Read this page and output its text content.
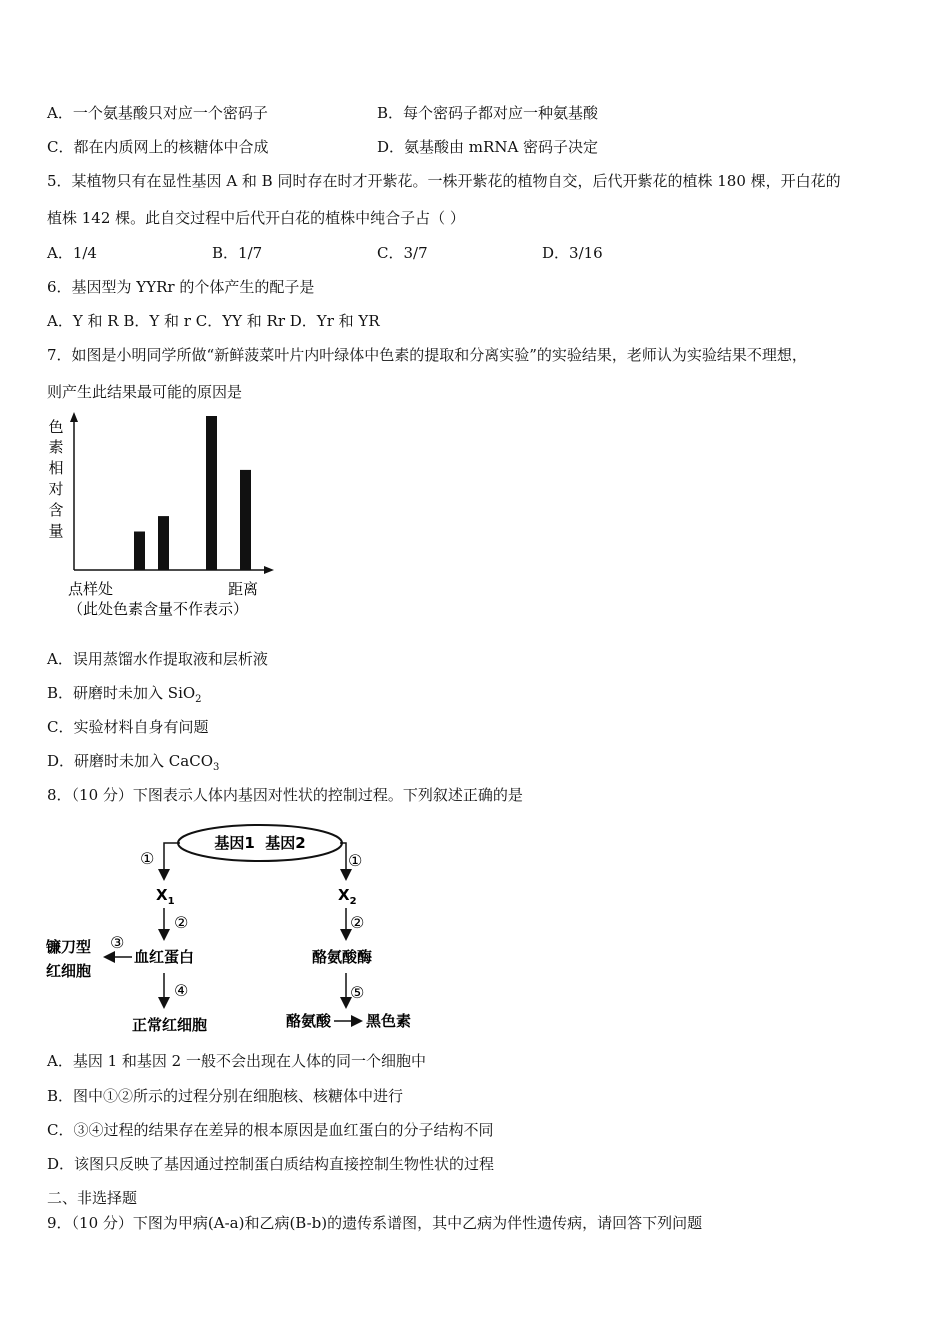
A．一个氨基酸只对应一个密码子	B．每个密码子都对应一种氨基酸
C．都在内质网上的核糖体中合成	D．氨基酸由 mRNA 密码子决定
5．某植物只有在显性基因 A 和 B 同时存在时才开紫花。一株开紫花的植物自交，后代开紫花的植株 180 棵，开白花的
植株 142 棵。此自交过程中后代开白花的植株中纯合子占（ ）
A．1/4	B．1/7	C．3/7	D．3/16
6．基因型为 YYRr 的个体产生的配子是
A．Y 和 R B．Y 和 r C．YY 和 Rr D．Yr 和 YR
7．如图是小明同学所做“新鲜菠菜叶片内叶绿体中色素的提取和分离实验”的实验结果，老师认为实验结果不理想，
则产生此结果最可能的原因是
色
素
相
对
含
量
点样处	距离
（此处色素含量不作表示）
A．误用蒸馏水作提取液和层析液
B．研磨时未加入 SiO$_2$
C．实验材料自身有问题
D．研磨时未加入 CaCO$_3$
8．（10 分）下图表示人体内基因对性状的控制过程。下列叙述正确的是
基因1  基因2
①
$X_1$
②
血红蛋白
③
镰刀型
红细胞
④
正常红细胞
①
$X_2$
②
酪氨酸酶
⑤
酪氨酸 黑色素
A．基因 1 和基因 2 一般不会出现在人体的同一个细胞中
B．图中①②所示的过程分别在细胞核、核糖体中进行
C．③④过程的结果存在差异的根本原因是血红蛋白的分子结构不同
D．该图只反映了基因通过控制蛋白质结构直接控制生物性状的过程
二、非选择题
9．（10 分）下图为甲病(A-a)和乙病(B-b)的遗传系谱图，其中乙病为伴性遗传病，请回答下列问题
